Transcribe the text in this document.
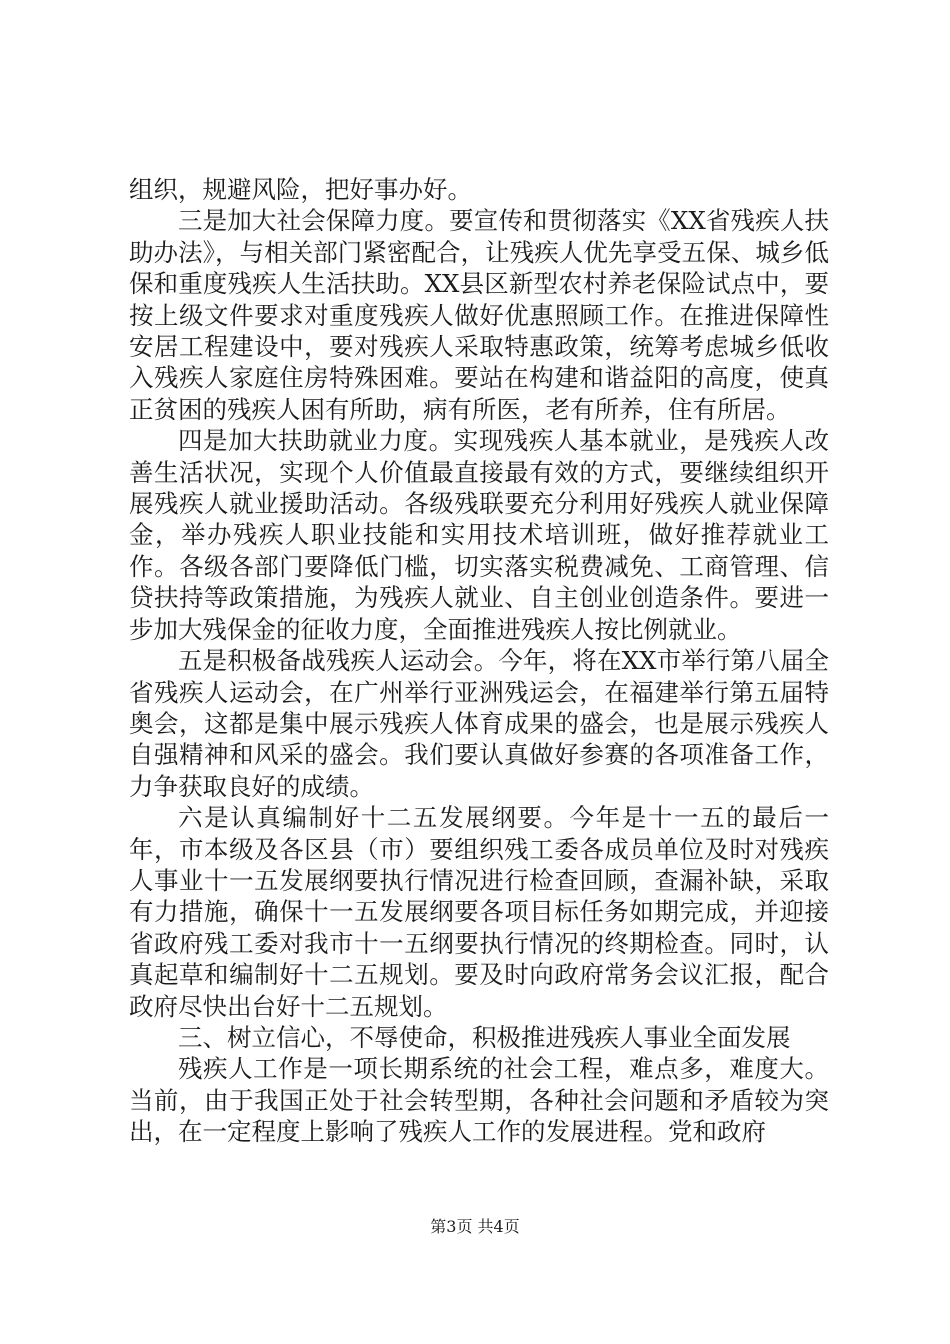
组织，规避风险，把好事办好。

三是加大社会保障力度。要宣传和贯彻落实《XX省残疾人扶助办法》，与相关部门紧密配合，让残疾人优先享受五保、城乡低保和重度残疾人生活扶助。XX县区新型农村养老保险试点中，要按上级文件要求对重度残疾人做好优惠照顾工作。在推进保障性安居工程建设中，要对残疾人采取特惠政策，统筹考虑城乡低收入残疾人家庭住房特殊困难。要站在构建和谐益阳的高度，使真正贫困的残疾人困有所助，病有所医，老有所养，住有所居。

四是加大扶助就业力度。实现残疾人基本就业，是残疾人改善生活状况，实现个人价值最直接最有效的方式，要继续组织开展残疾人就业援助活动。各级残联要充分利用好残疾人就业保障金，举办残疾人职业技能和实用技术培训班，做好推荐就业工作。各级各部门要降低门槛，切实落实税费减免、工商管理、信贷扶持等政策措施，为残疾人就业、自主创业创造条件。要进一步加大残保金的征收力度，全面推进残疾人按比例就业。

五是积极备战残疾人运动会。今年，将在XX市举行第八届全省残疾人运动会，在广州举行亚洲残运会，在福建举行第五届特奥会，这都是集中展示残疾人体育成果的盛会，也是展示残疾人自强精神和风采的盛会。我们要认真做好参赛的各项准备工作，力争获取良好的成绩。

六是认真编制好十二五发展纲要。今年是十一五的最后一年，市本级及各区县（市）要组织残工委各成员单位及时对残疾人事业十一五发展纲要执行情况进行检查回顾，查漏补缺，采取有力措施，确保十一五发展纲要各项目标任务如期完成，并迎接省政府残工委对我市十一五纲要执行情况的终期检查。同时，认真起草和编制好十二五规划。要及时向政府常务会议汇报，配合政府尽快出台好十二五规划。

三、树立信心，不辱使命，积极推进残疾人事业全面发展

残疾人工作是一项长期系统的社会工程，难点多，难度大。当前，由于我国正处于社会转型期，各种社会问题和矛盾较为突出，在一定程度上影响了残疾人工作的发展进程。党和政府

第3页 共4页
